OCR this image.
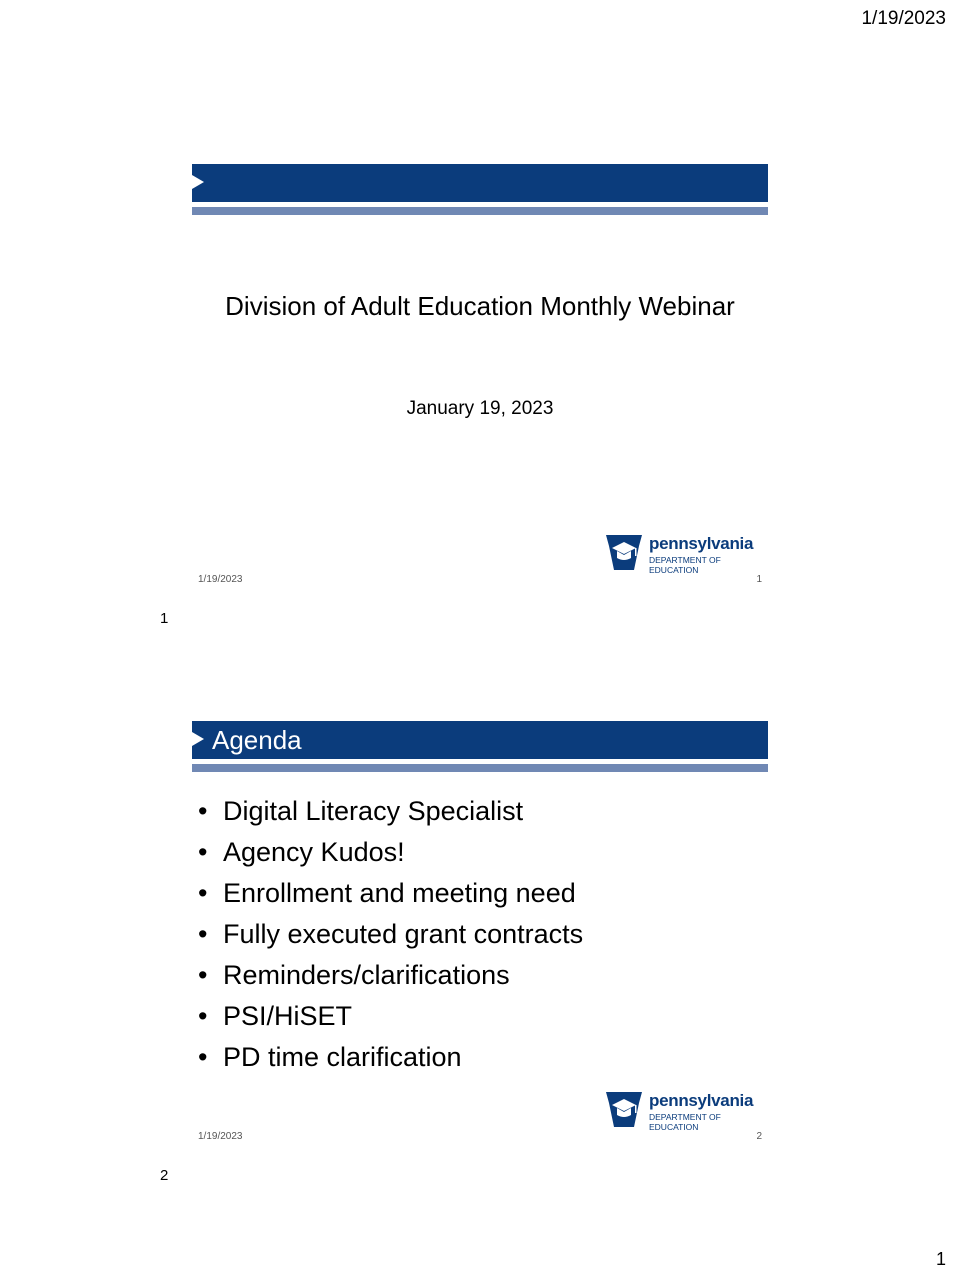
1/19/2023
Division of Adult Education Monthly Webinar
January 19, 2023
pennsylvania
DEPARTMENT OF EDUCATION
1/19/2023	1
1
Agenda
• Digital Literacy Specialist
• Agency Kudos!
• Enrollment and meeting need
• Fully executed grant contracts
• Reminders/clarifications
• PSI/HiSET
• PD time clarification
pennsylvania
DEPARTMENT OF EDUCATION
1/19/2023	2
2
1
